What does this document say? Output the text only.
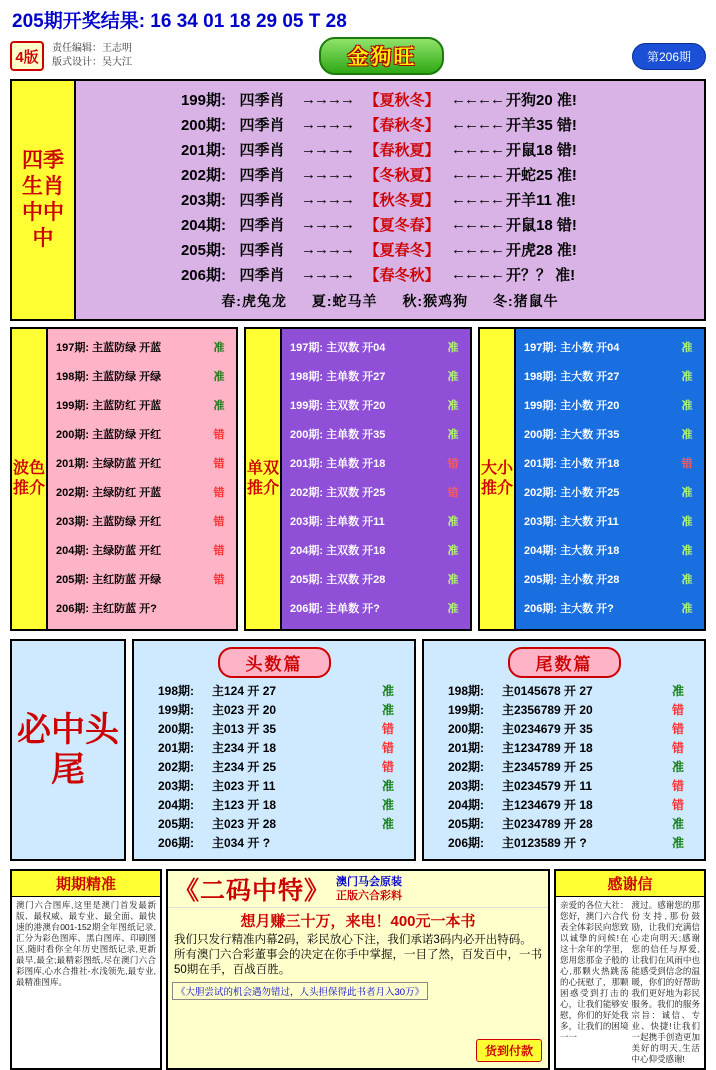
205期开奖结果: 16 34 01 18 29 05 T 28
4版	责任编辑：王志明
版式设计：吴大江	金狗旺	第206期
四季生肖中中中
199期: 四季肖	→→→→ 【夏秋冬】 ←←←← 开狗20 准!
200期: 四季肖	→→→→ 【春秋冬】 ←←←← 开羊35 错!
201期: 四季肖	→→→→ 【春秋夏】 ←←←← 开鼠18 错!
202期: 四季肖	→→→→ 【冬秋夏】 ←←←← 开蛇25 准!
203期: 四季肖	→→→→ 【秋冬夏】 ←←←← 开羊11 准!
204期: 四季肖	→→→→ 【夏冬春】 ←←←← 开鼠18 错!
205期: 四季肖	→→→→ 【夏春冬】 ←←←← 开虎28 准!
206期: 四季肖	→→→→ 【春冬秋】 ←←←← 开？？ 准!
春:虎兔龙 夏:蛇马羊 秋:猴鸡狗 冬:猪鼠牛
波色推介
197期: 主蓝防绿 开蓝	准
198期: 主蓝防绿 开绿	准
199期: 主蓝防红 开蓝	准
200期: 主蓝防绿 开红	错
201期: 主绿防蓝 开红	错
202期: 主绿防红 开蓝	错
203期: 主蓝防绿 开红	错
204期: 主绿防蓝 开红	错
205期: 主红防蓝 开绿	错
206期: 主红防蓝 开?
单双推介
197期: 主双数 开04	准
198期: 主单数 开27	准
199期: 主双数 开20	准
200期: 主单数 开35	准
201期: 主单数 开18	错
202期: 主双数 开25	错
203期: 主单数 开11	准
204期: 主双数 开18	准
205期: 主双数 开28	准
206期: 主单数 开?	准
大小推介
197期: 主小数 开04	准
198期: 主大数 开27	准
199期: 主小数 开20	准
200期: 主大数 开35	准
201期: 主小数 开18	错
202期: 主小数 开25	准
203期: 主大数 开11	准
204期: 主大数 开18	准
205期: 主小数 开28	准
206期: 主大数 开?	准
必中头尾
头数篇
198期:	主124 开 27	准
199期:	主023 开 20	准
200期:	主013 开 35	错
201期:	主234 开 18	错
202期:	主234 开 25	错
203期:	主023 开 11	准
204期:	主123 开 18	准
205期:	主023 开 28	准
206期:	主034 开 ?
尾数篇
198期:	主0145678 开 27	准
199期:	主2356789 开 20	错
200期:	主0234679 开 35	错
201期:	主1234789 开 18	错
202期:	主2345789 开 25	准
203期:	主0234579 开 11	错
204期:	主1234679 开 18	错
205期:	主0234789 开 28	准
206期:	主0123589 开 ?	准
期期精准
澳门六合图库,这里是澳门首发最新版、最权威、最专业、最全面、最快速的港澳台001-152期全年图纸记录,汇分为彩色图库、黑白图库、印刷图区,随时看你全年历史图纸记录,更新最早,最全;最精彩图纸,尽在澳门六合彩图库,心水合推社-水浅领先,最专业,最精准图库。
《二码中特》 澳门马会原装
正版六合彩料
想月赚三十万，来电！400元一本书
我们只发行精准内幕2码，彩民放心下注，我们承诺3码内必开出特码。所有澳门六合彩董事会的决定在你手中掌握，一目了然，百发百中，一书50期在手，百战百胜。
《大胆尝试的机会遇勿错过，人头担保得此书者月入30万》
货到付款
感谢信
亲爱的各位大社：您好，澳门六合代表全体彩民向您致以诚挚的问候!在这十余年的学里，您用您那金子般的心,那颗火热跳荡的心抚慰了，那颗困惑受到打击的心，让我们能够安慰，你们的好处我多，让我们的困境一一
渡过。感谢您的那份支持,那份鼓励，让我们充满信心走向明天;感谢您的信任与厚爱,让我们在风雨中也能感受到信念的温暖，你们的好帮助我们更好地为彩民服务。我们的服务宗旨：诚信、专业、快捷!让我们一起携手创造更加美好的明天,生活中心仰受感谢!
